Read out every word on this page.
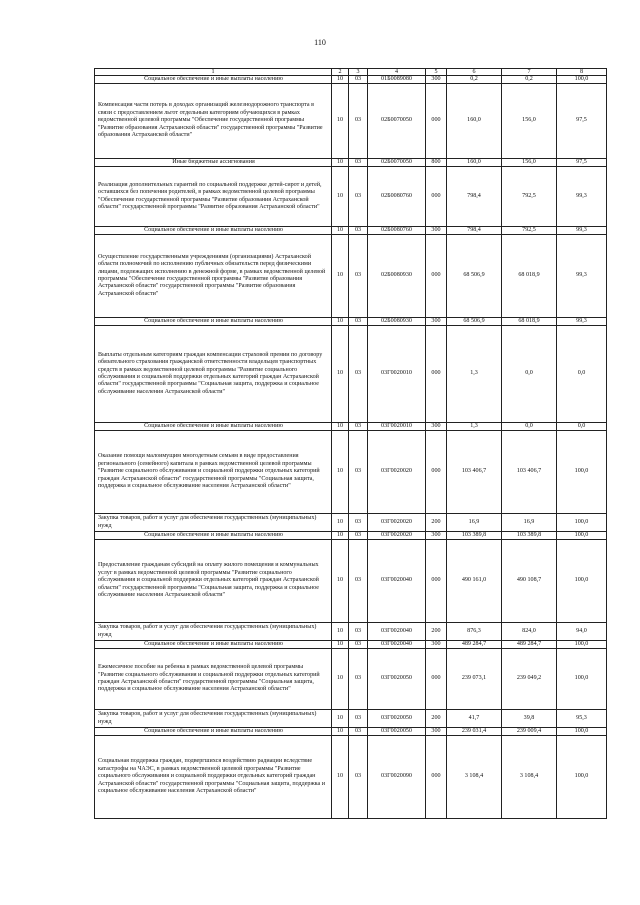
110
1	2	3	4	5	6	7	8
Социальное обеспечение и иные выплаты населению	10	03	01Б0089080	300	0,2	0,2	100,0
Компенсация части потерь в доходах организаций железнодорожного транспорта в связи с предоставлением льгот отдельным категориям обучающихся в рамках ведомственной целевой программы "Обеспечение государственной программы "Развитие образования Астраханской области" государственной программы "Развитие образования Астраханской области"	10	03	02Б0070050	000	160,0	156,0	97,5
Иные бюджетные ассигнования	10	03	02Б0070050	800	160,0	156,0	97,5
Реализация дополнительных гарантий по социальной поддержке детей-сирот и детей, оставшихся без попечения родителей, в рамках ведомственной целевой программы "Обеспечение государственной программы "Развитие образования Астраханской области" государственной программы "Развитие образования Астраханской области"	10	03	02Б0080760	000	798,4	792,5	99,3
Социальное обеспечение и иные выплаты населению	10	03	02Б0080760	300	798,4	792,5	99,3
Осуществление государственными учреждениями (организациями) Астраханской области полномочий по исполнению публичных обязательств перед физическими лицами, подлежащих исполнению в денежной форме, в рамках ведомственной целевой программы "Обеспечение государственной программы "Развитие образования Астраханской области" государственной программы "Развитие образования Астраханской области"	10	03	02Б0080930	000	68 506,9	68 018,9	99,3
Социальное обеспечение и иные выплаты населению	10	03	02Б0080930	300	68 506,9	68 018,9	99,3
Выплаты отдельным категориям граждан компенсации страховой премии по договору обязательного страхования гражданской ответственности владельцев транспортных средств в рамках ведомственной целевой программы "Развитие социального обслуживания и социальной поддержки отдельных категорий граждан Астраханской области" государственной программы "Социальная защита, поддержка и социальное обслуживание населения Астраханской области"	10	03	03Г0020010	000	1,3	0,0	0,0
Социальное обеспечение и иные выплаты населению	10	03	03Г0020010	300	1,3	0,0	0,0
Оказание помощи малоимущим многодетным семьям в виде предоставления регионального (семейного) капитала в рамках ведомственной целевой программы "Развитие социального обслуживания и социальной поддержки отдельных категорий граждан Астраханской области" государственной программы "Социальная защита, поддержка и социальное обслуживание населения Астраханской области"	10	03	03Г0020020	000	103 406,7	103 406,7	100,0
Закупка товаров, работ и услуг для обеспечения государственных (муниципальных) нужд	10	03	03Г0020020	200	16,9	16,9	100,0
Социальное обеспечение и иные выплаты населению	10	03	03Г0020020	300	103 389,8	103 389,8	100,0
Предоставление гражданам субсидий на оплату жилого помещения и коммунальных услуг в рамках ведомственной целевой программы "Развитие социального обслуживания и социальной поддержки отдельных категорий граждан Астраханской области" государственной программы "Социальная защита, поддержка и социальное обслуживание населения Астраханской области"	10	03	03Г0020040	000	490 161,0	490 108,7	100,0
Закупка товаров, работ и услуг для обеспечения государственных (муниципальных) нужд	10	03	03Г0020040	200	876,3	824,0	94,0
Социальное обеспечение и иные выплаты населению	10	03	03Г0020040	300	489 284,7	489 284,7	100,0
Ежемесячное пособие на ребенка в рамках ведомственной целевой программы "Развитие социального обслуживания и социальной поддержки отдельных категорий граждан Астраханской области" государственной программы "Социальная защита, поддержка и социальное обслуживание населения Астраханской области"	10	03	03Г0020050	000	239 073,1	239 049,2	100,0
Закупка товаров, работ и услуг для обеспечения государственных (муниципальных) нужд	10	03	03Г0020050	200	41,7	39,8	95,3
Социальное обеспечение и иные выплаты населению	10	03	03Г0020050	300	239 031,4	239 009,4	100,0
Социальная поддержка граждан, подвергшихся воздействию радиации вследствие катастрофы на ЧАЭС, в рамках ведомственной целевой программы "Развитие социального обслуживания и социальной поддержки отдельных категорий граждан Астраханской области" государственной программы "Социальная защита, поддержка и социальное обслуживание населения Астраханской области"	10	03	03Г0020090	000	3 108,4	3 108,4	100,0
